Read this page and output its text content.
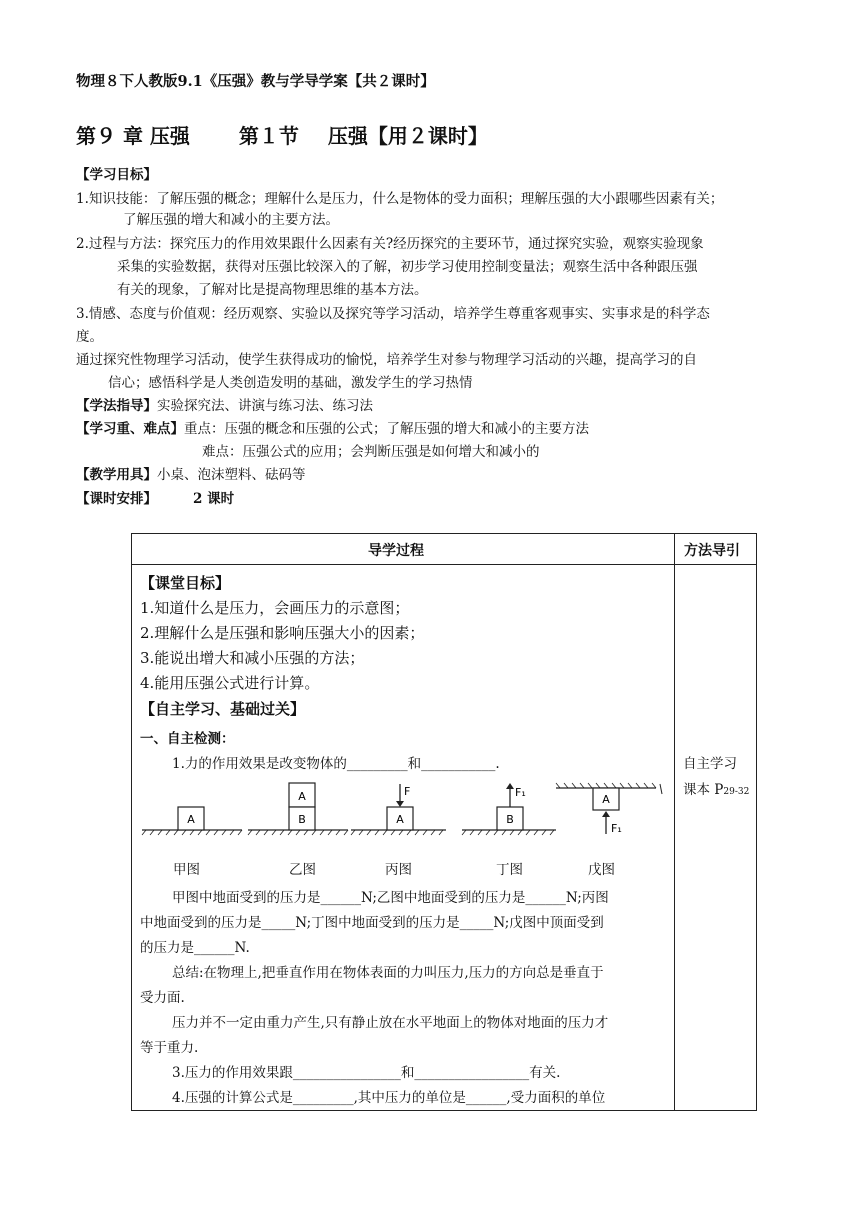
物理８下人教版9.1《压强》教与学导学案【共２课时】
第９ 章 压强 第１节 压强【用２课时】
【学习目标】
1.知识技能：了解压强的概念；理解什么是压力，什么是物体的受力面积；理解压强的大小跟哪些因素有关；
了解压强的增大和减小的主要方法。
2.过程与方法：探究压力的作用效果跟什么因素有关?经历探究的主要环节，通过探究实验，观察实验现象
采集的实验数据，获得对压强比较深入的了解，初步学习使用控制变量法；观察生活中各种跟压强
有关的现象，了解对比是提高物理思维的基本方法。
3.情感、态度与价值观：经历观察、实验以及探究等学习活动，培养学生尊重客观事实、实事求是的科学态
度。
通过探究性物理学习活动，使学生获得成功的愉悦，培养学生对参与物理学习活动的兴趣，提高学习的自
信心；感悟科学是人类创造发明的基础，激发学生的学习热情
【学法指导】实验探究法、讲演与练习法、练习法
【学习重、难点】重点：压强的概念和压强的公式；了解压强的增大和减小的主要方法
难点：压强公式的应用；会判断压强是如何增大和减小的
【教学用具】小桌、泡沫塑料、砝码等
【课时安排】	2 课时
导学过程	方法导引
【课堂目标】
1.知道什么是压力，会画压力的示意图；
2.理解什么是压强和影响压强大小的因素；
3.能说出增大和减小压强的方法；
4.能用压强公式进行计算。
【自主学习、基础过关】
一、自主检测：
1.力的作用效果是改变物体的_________和___________.
A
A
B	A
F
B
F₁
A
F₁
甲图	乙图	丙图	丁图	戊图
甲图中地面受到的压力是______N;乙图中地面受到的压力是______N;丙图
中地面受到的压力是_____N;丁图中地面受到的压力是_____N;戊图中顶面受到
的压力是______N.
总结:在物理上,把垂直作用在物体表面的力叫压力,压力的方向总是垂直于
受力面.
压力并不一定由重力产生,只有静止放在水平地面上的物体对地面的压力才
等于重力.
3.压力的作用效果跟________________和_________________有关.
4.压强的计算公式是_________,其中压力的单位是______,受力面积的单位
自主学习
课本 P29-32
